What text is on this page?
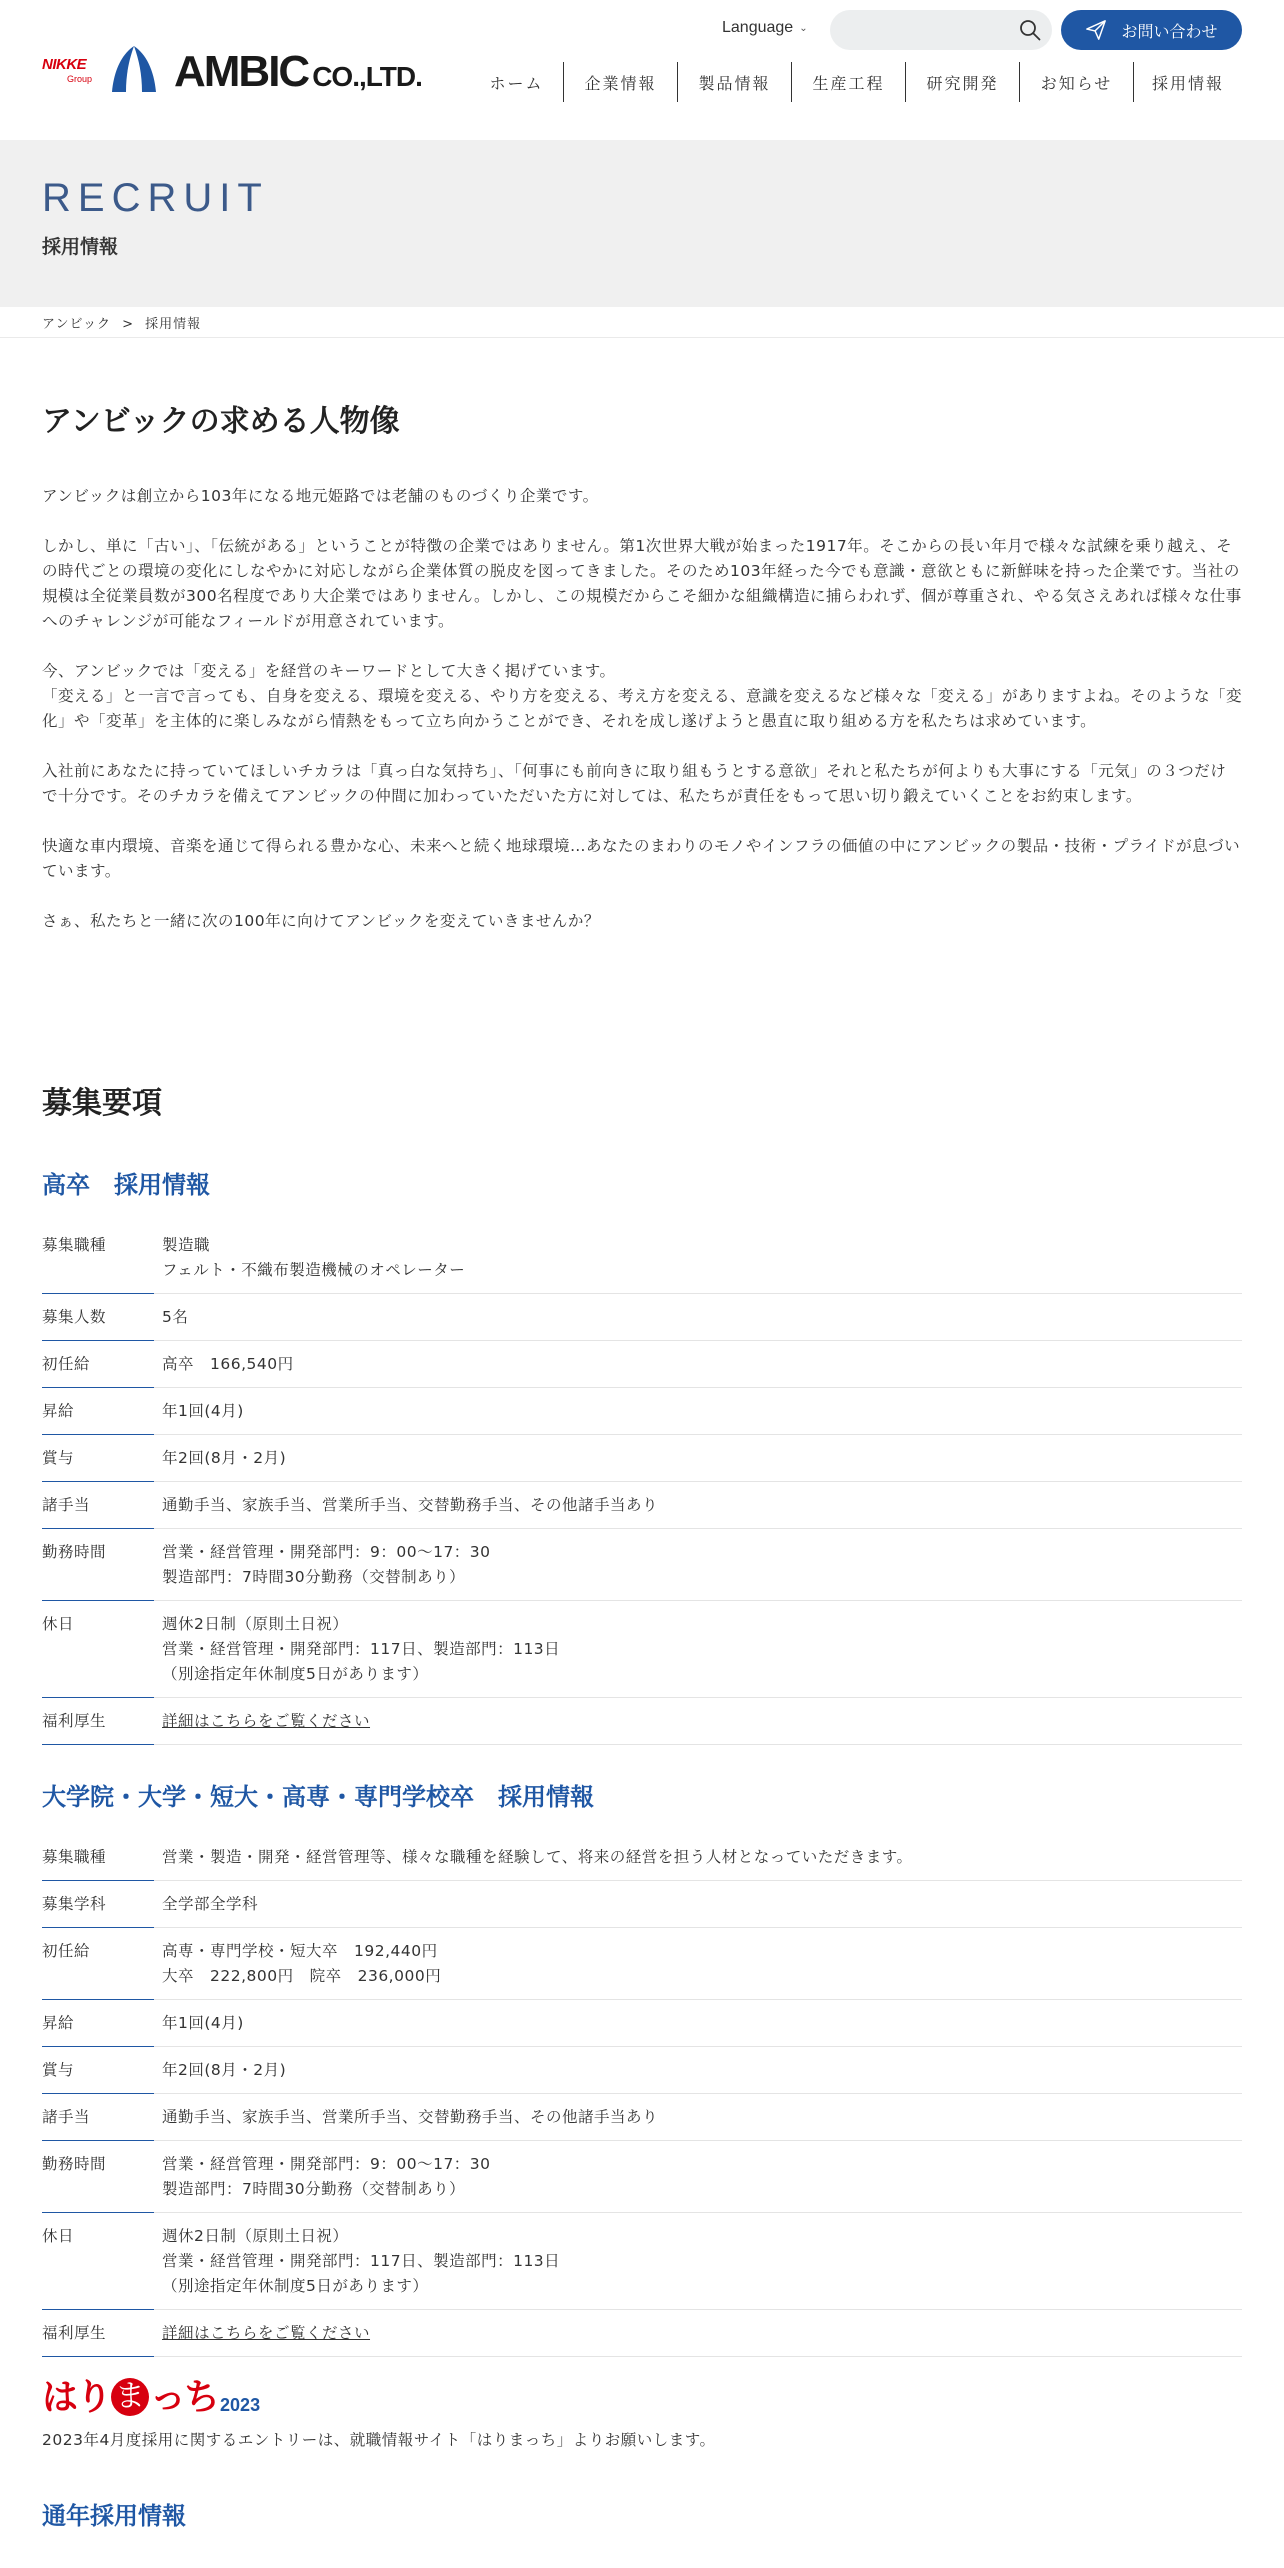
NIKKE
Group AMBIC CO.,LTD.
Language ⌄	お問い合わせ
ホーム	企業情報	製品情報	生産工程	研究開発	お知らせ 採用情報
RECRUIT
採用情報
アンビック > 採用情報
アンビックの求める人物像

アンビックは創立から103年になる地元姫路では老舗のものづくり企業です。

しかし、単に「古い」、「伝統がある」ということが特徴の企業ではありません。第1次世界大戦が始まった1917年。そこからの長い年月で様々な試練を乗り越え、その時代ごとの環境の変化にしなやかに対応しながら企業体質の脱皮を図ってきました。そのため103年経った今でも意識・意欲ともに新鮮味を持った企業です。当社の規模は全従業員数が300名程度であり大企業ではありません。しかし、この規模だからこそ細かな組織構造に捕らわれず、個が尊重され、やる気さえあれば様々な仕事へのチャレンジが可能なフィールドが用意されています。

今、アンビックでは「変える」を経営のキーワードとして大きく掲げています。
「変える」と一言で言っても、自身を変える、環境を変える、やり方を変える、考え方を変える、意識を変えるなど様々な「変える」がありますよね。そのような「変化」や「変革」を主体的に楽しみながら情熱をもって立ち向かうことができ、それを成し遂げようと愚直に取り組める方を私たちは求めています。

入社前にあなたに持っていてほしいチカラは「真っ白な気持ち」、「何事にも前向きに取り組もうとする意欲」それと私たちが何よりも大事にする「元気」の３つだけで十分です。そのチカラを備えてアンビックの仲間に加わっていただいた方に対しては、私たちが責任をもって思い切り鍛えていくことをお約束します。

快適な車内環境、音楽を通じて得られる豊かな心、未来へと続く地球環境…あなたのまわりのモノやインフラの価値の中にアンビックの製品・技術・プライドが息づいています。

さぁ、私たちと一緒に次の100年に向けてアンビックを変えていきませんか？

募集要項
高卒　採用情報
募集職種	製造職
フェルト・不織布製造機械のオペレーター
募集人数	5名
初任給	高卒　166,540円
昇給	年1回(4月)
賞与	年2回(8月・2月)
諸手当	通勤手当、家族手当、営業所手当、交替勤務手当、その他諸手当あり
勤務時間	営業・経営管理・開発部門：9：00～17：30
製造部門：7時間30分勤務（交替制あり）
休日	週休2日制（原則土日祝）
営業・経営管理・開発部門：117日、製造部門：113日
（別途指定年休制度5日があります）
福利厚生	詳細はこちらをご覧ください
大学院・大学・短大・高専・専門学校卒　採用情報
募集職種	営業・製造・開発・経営管理等、様々な職種を経験して、将来の経営を担う人材となっていただきます。
募集学科	全学部全学科
初任給	高専・専門学校・短大卒　192,440円
大卒　222,800円　院卒　236,000円
昇給	年1回(4月)
賞与	年2回(8月・2月)
諸手当	通勤手当、家族手当、営業所手当、交替勤務手当、その他諸手当あり
勤務時間	営業・経営管理・開発部門：9：00～17：30
製造部門：7時間30分勤務（交替制あり）
休日	週休2日制（原則土日祝）
営業・経営管理・開発部門：117日、製造部門：113日
（別途指定年休制度5日があります）
福利厚生	詳細はこちらをご覧ください
はり ま っち 2023
2023年4月度採用に関するエントリーは、就職情報サイト「はりまっち」よりお願いします。
通年採用情報
